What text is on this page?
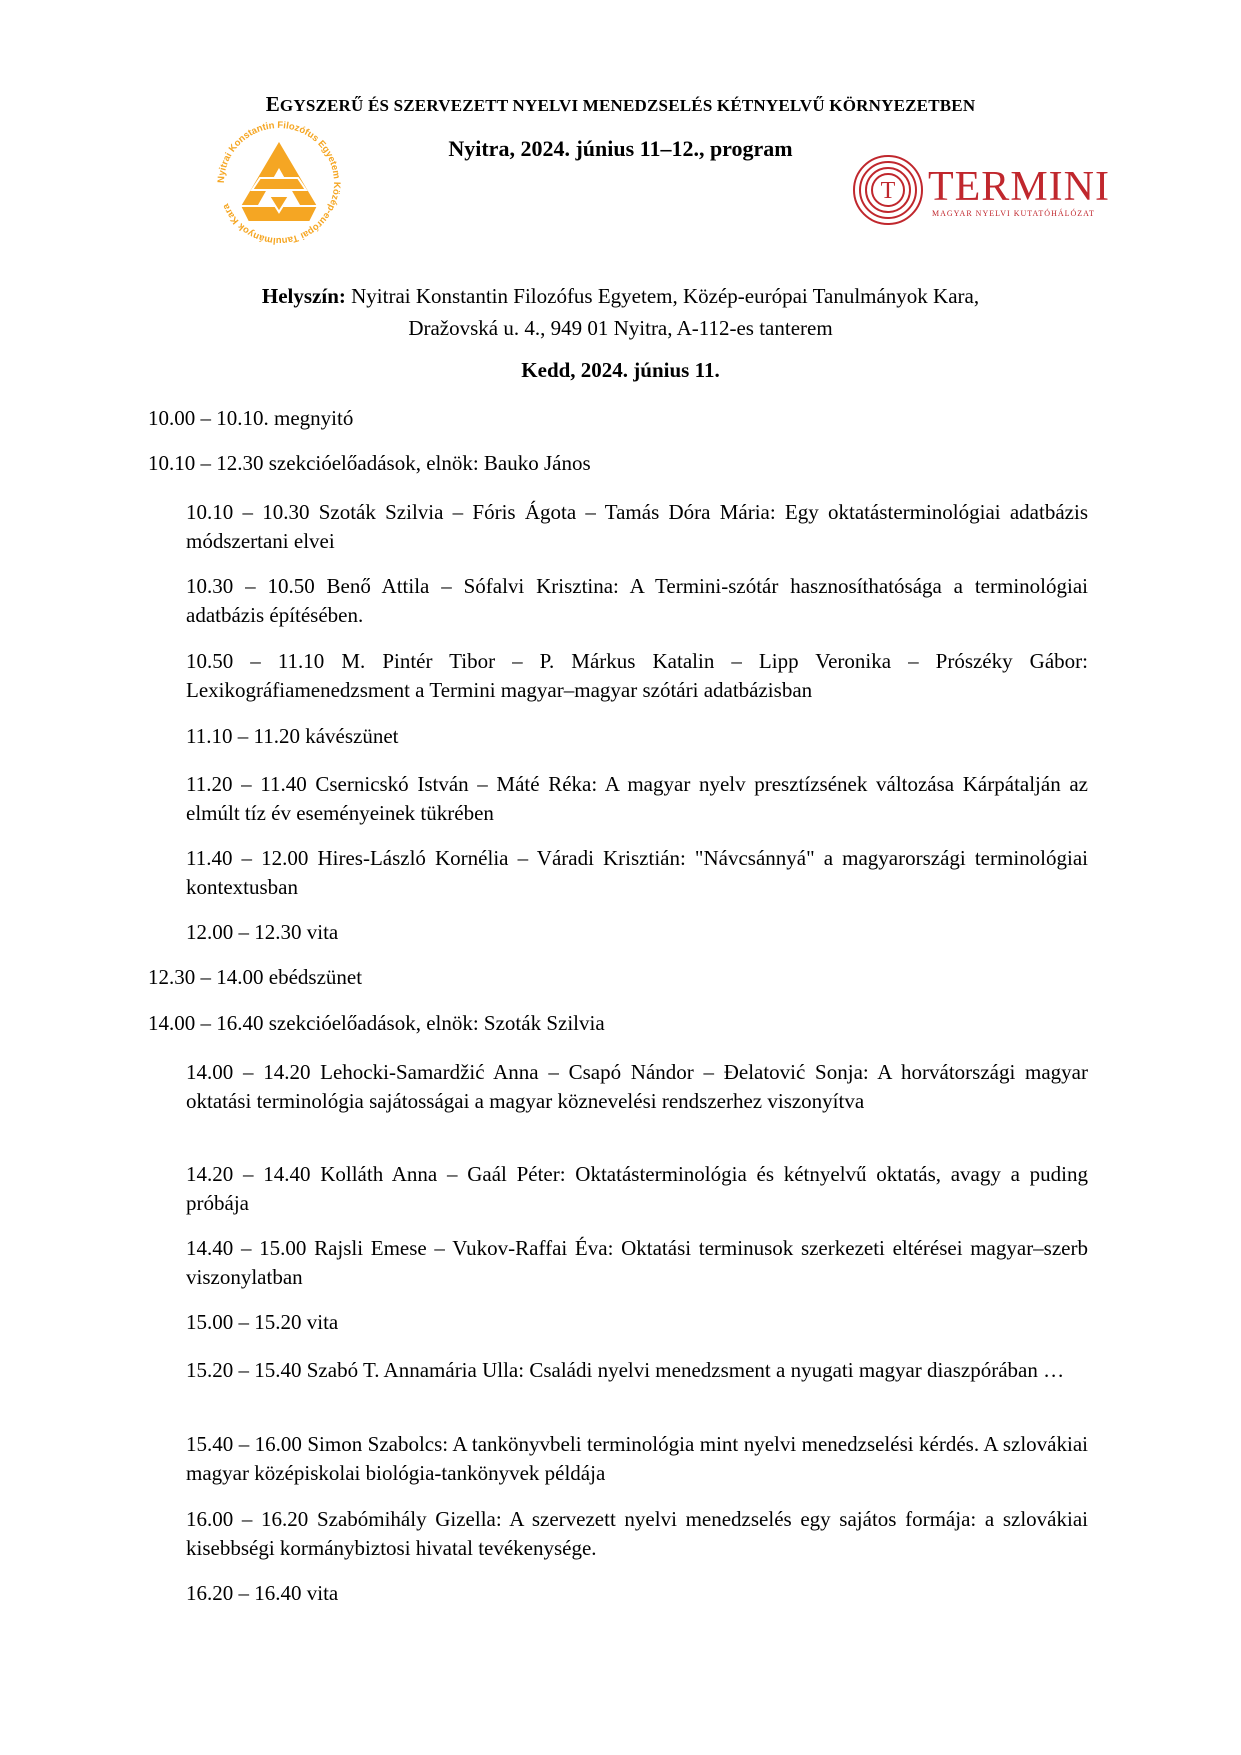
EGYSZERŰ ÉS SZERVEZETT NYELVI MENEDZSELÉS KÉTNYELVŰ KÖRNYEZETBEN
Nyitra, 2024. június 11–12., program
Nyitrai Konstantin Filozófus Egyetem Közép-európai Tanulmányok Kara
T TERMINI
MAGYAR NYELVI KUTATÓHÁLÓZAT
Helyszín: Nyitrai Konstantin Filozófus Egyetem, Közép-európai Tanulmányok Kara,
Dražovská u. 4., 949 01 Nyitra, A-112-es tanterem
Kedd, 2024. június 11.
10.00 – 10.10. megnyitó
10.10 – 12.30 szekcióelőadások, elnök: Bauko János
10.10 – 10.30 Szoták Szilvia – Fóris Ágota – Tamás Dóra Mária: Egy oktatásterminológiai adatbázis módszertani elvei
10.30 – 10.50 Benő Attila – Sófalvi Krisztina: A Termini-szótár hasznosíthatósága a terminológiai adatbázis építésében.
10.50 – 11.10 M. Pintér Tibor – P. Márkus Katalin – Lipp Veronika – Prószéky Gábor: Lexikográfiamenedzsment a Termini magyar–magyar szótári adatbázisban
11.10 – 11.20 kávészünet
11.20 – 11.40 Csernicskó István – Máté Réka: A magyar nyelv presztízsének változása Kárpátalján az elmúlt tíz év eseményeinek tükrében
11.40 – 12.00 Hires-László Kornélia – Váradi Krisztián: "Návcsánnyá" a magyarországi terminológiai kontextusban
12.00 – 12.30 vita
12.30 – 14.00 ebédszünet
14.00 – 16.40 szekcióelőadások, elnök: Szoták Szilvia
14.00 – 14.20 Lehocki-Samardžić Anna – Csapó Nándor – Đelatović Sonja: A horvátországi magyar oktatási terminológia sajátosságai a magyar köznevelési rendszerhez viszonyítva
14.20 – 14.40 Kolláth Anna – Gaál Péter: Oktatásterminológia és kétnyelvű oktatás, avagy a puding próbája
14.40 – 15.00 Rajsli Emese – Vukov-Raffai Éva: Oktatási terminusok szerkezeti eltérései magyar–szerb viszonylatban
15.00 – 15.20 vita
15.20 – 15.40 Szabó T. Annamária Ulla: Családi nyelvi menedzsment a nyugati magyar diaszpórában …
15.40 – 16.00 Simon Szabolcs: A tankönyvbeli terminológia mint nyelvi menedzselési kérdés. A szlovákiai magyar középiskolai biológia-tankönyvek példája
16.00 – 16.20 Szabómihály Gizella: A szervezett nyelvi menedzselés egy sajátos formája: a szlovákiai kisebbségi kormánybiztosi hivatal tevékenysége.
16.20 – 16.40 vita
